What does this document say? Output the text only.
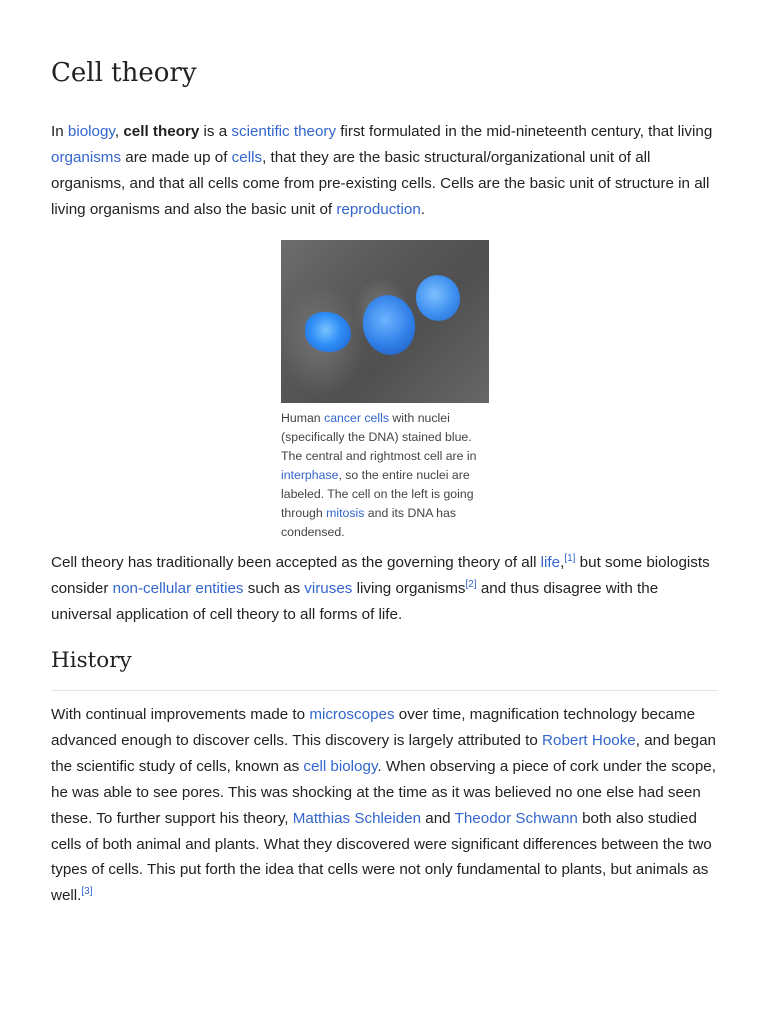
Cell theory

In biology, cell theory is a scientific theory first formulated in the mid-nineteenth century, that living organisms are made up of cells, that they are the basic structural/organizational unit of all organisms, and that all cells come from pre-existing cells. Cells are the basic unit of structure in all living organisms and also the basic unit of reproduction.

Human cancer cells with nuclei (specifically the DNA) stained blue. The central and rightmost cell are in interphase, so the entire nuclei are labeled. The cell on the left is going through mitosis and its DNA has condensed.

Cell theory has traditionally been accepted as the governing theory of all life,[1] but some biologists consider non-cellular entities such as viruses living organisms[2] and thus disagree with the universal application of cell theory to all forms of life.

History

With continual improvements made to microscopes over time, magnification technology became advanced enough to discover cells. This discovery is largely attributed to Robert Hooke, and began the scientific study of cells, known as cell biology. When observing a piece of cork under the scope, he was able to see pores. This was shocking at the time as it was believed no one else had seen these. To further support his theory, Matthias Schleiden and Theodor Schwann both also studied cells of both animal and plants. What they discovered were significant differences between the two types of cells. This put forth the idea that cells were not only fundamental to plants, but animals as well.[3]
